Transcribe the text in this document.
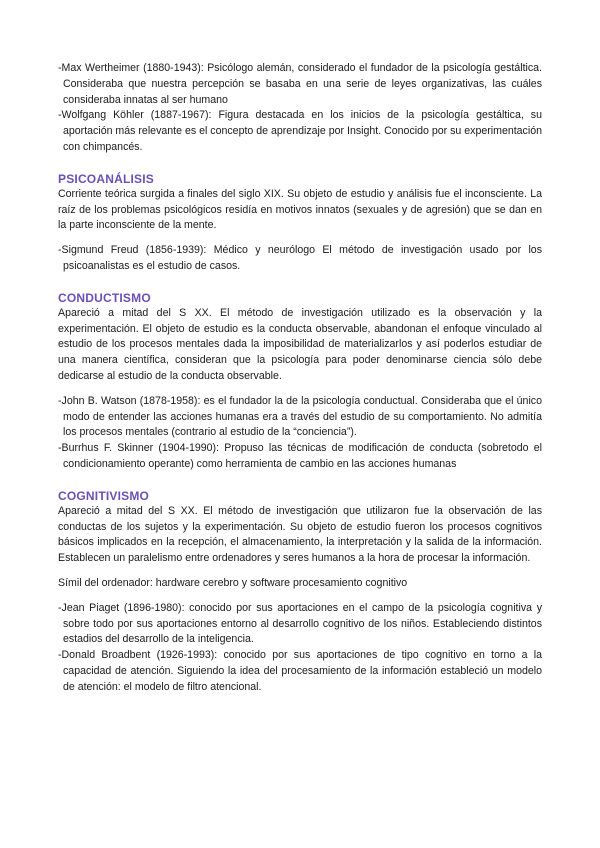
-Max Wertheimer (1880-1943): Psicólogo alemán, considerado el fundador de la psicología gestáltica. Consideraba que nuestra percepción se basaba en una serie de leyes organizativas, las cuáles consideraba innatas al ser humano

-Wolfgang Köhler (1887-1967): Figura destacada en los inicios de la psicología gestáltica, su aportación más relevante es el concepto de aprendizaje por Insight. Conocido por su experimentación con chimpancés.

PSICOANÁLISIS

Corriente teórica surgida a finales del siglo XIX. Su objeto de estudio y análisis fue el inconsciente. La raíz de los problemas psicológicos residía en motivos innatos (sexuales y de agresión) que se dan en la parte inconsciente de la mente.

-Sigmund Freud (1856-1939): Médico y neurólogo El método de investigación usado por los psicoanalistas es el estudio de casos.

CONDUCTISMO

Apareció a mitad del S XX. El método de investigación utilizado es la observación y la experimentación. El objeto de estudio es la conducta observable, abandonan el enfoque vinculado al estudio de los procesos mentales dada la imposibilidad de materializarlos y así poderlos estudiar de una manera científica, consideran que la psicología para poder denominarse ciencia sólo debe dedicarse al estudio de la conducta observable.

-John B. Watson (1878-1958): es el fundador la de la psicología conductual. Consideraba que el único modo de entender las acciones humanas era a través del estudio de su comportamiento. No admitía los procesos mentales (contrario al estudio de la “conciencia”).

-Burrhus F. Skinner (1904-1990): Propuso las técnicas de modificación de conducta (sobretodo el condicionamiento operante) como herramienta de cambio en las acciones humanas

COGNITIVISMO

Apareció a mitad del S XX. El método de investigación que utilizaron fue la observación de las conductas de los sujetos y la experimentación. Su objeto de estudio fueron los procesos cognitivos básicos implicados en la recepción, el almacenamiento, la interpretación y la salida de la información. Establecen un paralelismo entre ordenadores y seres humanos a la hora de procesar la información.

Símil del ordenador: hardware cerebro y software procesamiento cognitivo

-Jean Piaget (1896-1980): conocido por sus aportaciones en el campo de la psicología cognitiva y sobre todo por sus aportaciones entorno al desarrollo cognitivo de los niños. Estableciendo distintos estadios del desarrollo de la inteligencia.

-Donald Broadbent (1926-1993): conocido por sus aportaciones de tipo cognitivo en torno a la capacidad de atención. Siguiendo la idea del procesamiento de la información estableció un modelo de atención: el modelo de filtro atencional.
